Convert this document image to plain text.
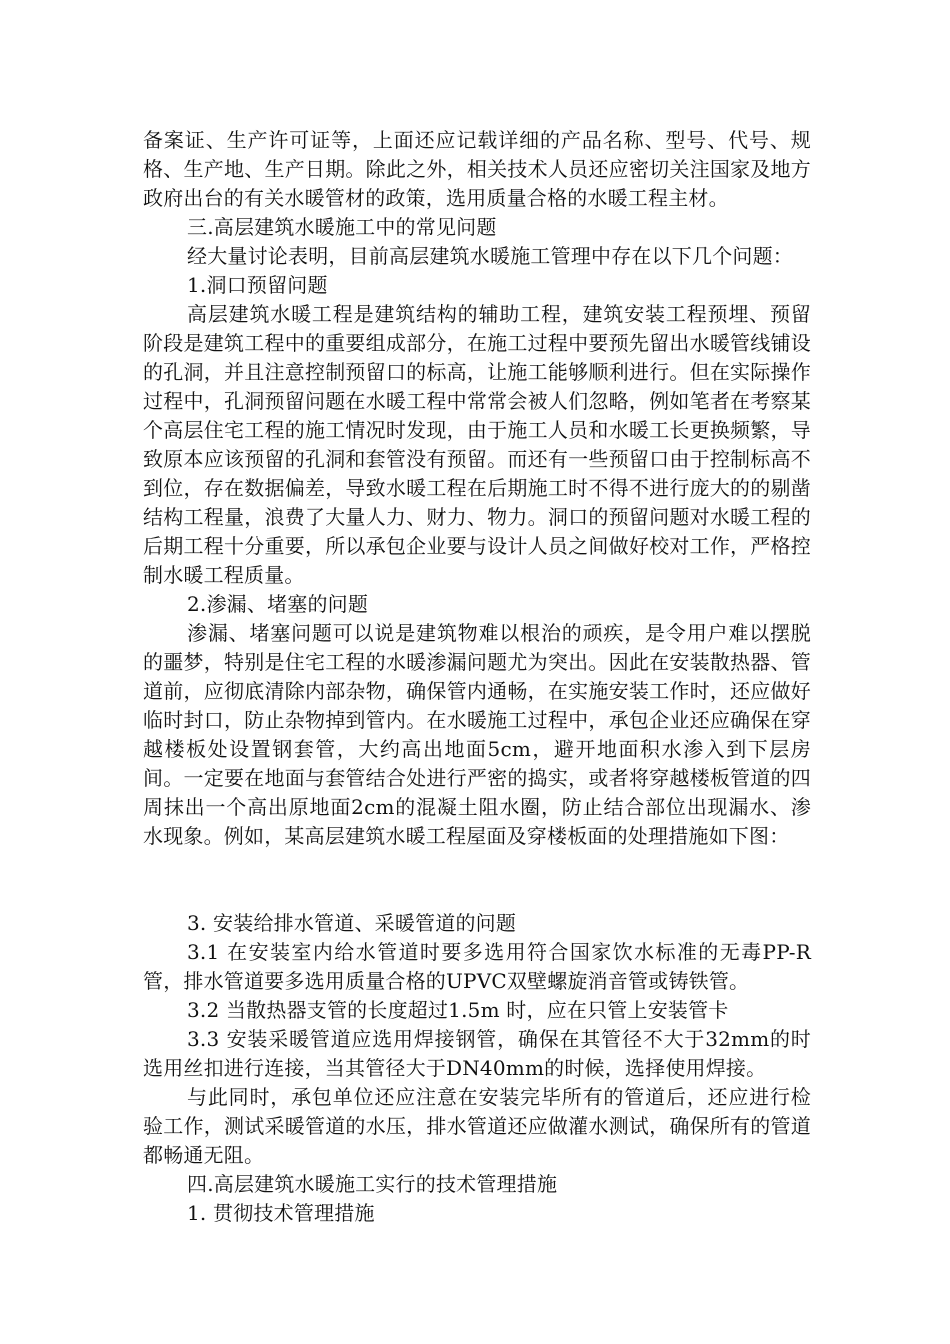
备案证、生产许可证等，上面还应记载详细的产品名称、型号、代号、规格、生产地、生产日期。除此之外，相关技术人员还应密切关注国家及地方政府出台的有关水暖管材的政策，选用质量合格的水暖工程主材。

三.高层建筑水暖施工中的常见问题

经大量讨论表明，目前高层建筑水暖施工管理中存在以下几个问题：

1.洞口预留问题

高层建筑水暖工程是建筑结构的辅助工程，建筑安装工程预埋、预留阶段是建筑工程中的重要组成部分，在施工过程中要预先留出水暖管线铺设的孔洞，并且注意控制预留口的标高，让施工能够顺利进行。但在实际操作过程中，孔洞预留问题在水暖工程中常常会被人们忽略，例如笔者在考察某个高层住宅工程的施工情况时发现，由于施工人员和水暖工长更换频繁，导致原本应该预留的孔洞和套管没有预留。而还有一些预留口由于控制标高不到位，存在数据偏差，导致水暖工程在后期施工时不得不进行庞大的的剔凿结构工程量，浪费了大量人力、财力、物力。洞口的预留问题对水暖工程的后期工程十分重要，所以承包企业要与设计人员之间做好校对工作，严格控制水暖工程质量。

2.渗漏、堵塞的问题

渗漏、堵塞问题可以说是建筑物难以根治的顽疾，是令用户难以摆脱的噩梦，特别是住宅工程的水暖渗漏问题尤为突出。因此在安装散热器、管道前，应彻底清除内部杂物，确保管内通畅，在实施安装工作时，还应做好临时封口，防止杂物掉到管内。在水暖施工过程中，承包企业还应确保在穿越楼板处设置钢套管，大约高出地面5cm，避开地面积水渗入到下层房间。一定要在地面与套管结合处进行严密的捣实，或者将穿越楼板管道的四周抹出一个高出原地面2cm的混凝土阻水圈，防止结合部位出现漏水、渗水现象。例如，某高层建筑水暖工程屋面及穿楼板面的处理措施如下图：

3. 安装给排水管道、采暖管道的问题

3.1 在安装室内给水管道时要多选用符合国家饮水标准的无毒PP-R管，排水管道要多选用质量合格的UPVC双壁螺旋消音管或铸铁管。

3.2 当散热器支管的长度超过1.5m 时，应在只管上安装管卡

3.3 安装采暖管道应选用焊接钢管，确保在其管径不大于32mm的时选用丝扣进行连接，当其管径大于DN40mm的时候，选择使用焊接。

与此同时，承包单位还应注意在安装完毕所有的管道后，还应进行检验工作，测试采暖管道的水压，排水管道还应做灌水测试，确保所有的管道都畅通无阻。

四.高层建筑水暖施工实行的技术管理措施

1. 贯彻技术管理措施
